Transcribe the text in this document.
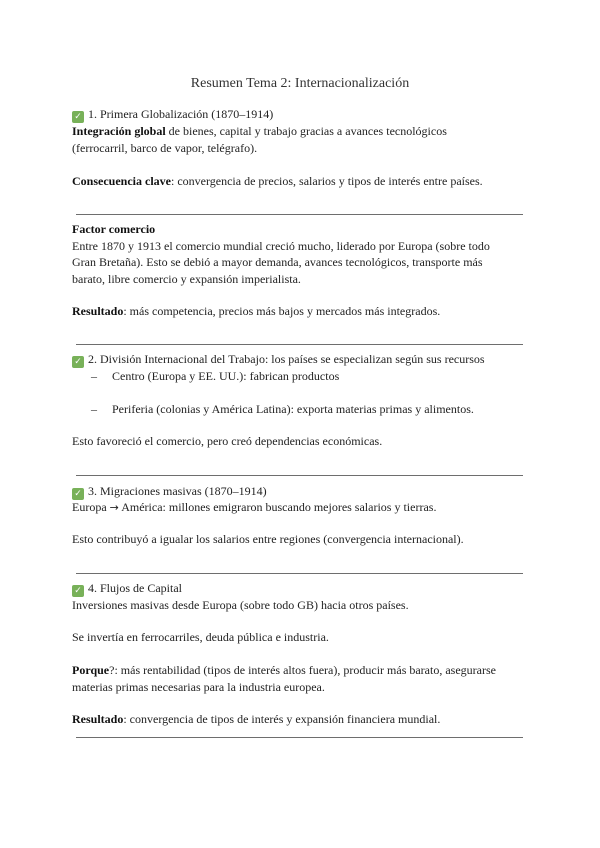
Resumen Tema 2: Internacionalización
✓ 1. Primera Globalización (1870–1914)
Integración global de bienes, capital y trabajo gracias a avances tecnológicos
(ferrocarril, barco de vapor, telégrafo).
Consecuencia clave: convergencia de precios, salarios y tipos de interés entre países.
Factor comercio
Entre 1870 y 1913 el comercio mundial creció mucho, liderado por Europa (sobre todo
Gran Bretaña). Esto se debió a mayor demanda, avances tecnológicos, transporte más
barato, libre comercio y expansión imperialista.
Resultado: más competencia, precios más bajos y mercados más integrados.
✓ 2. División Internacional del Trabajo: los países se especializan según sus recursos
– Centro (Europa y EE. UU.): fabrican productos
– Periferia (colonias y América Latina): exporta materias primas y alimentos.
Esto favoreció el comercio, pero creó dependencias económicas.
✓ 3. Migraciones masivas (1870–1914)
Europa → América: millones emigraron buscando mejores salarios y tierras.
Esto contribuyó a igualar los salarios entre regiones (convergencia internacional).
✓ 4. Flujos de Capital
Inversiones masivas desde Europa (sobre todo GB) hacia otros países.
Se invertía en ferrocarriles, deuda pública e industria.
Porque?: más rentabilidad (tipos de interés altos fuera), producir más barato, asegurarse
materias primas necesarias para la industria europea.
Resultado: convergencia de tipos de interés y expansión financiera mundial.
